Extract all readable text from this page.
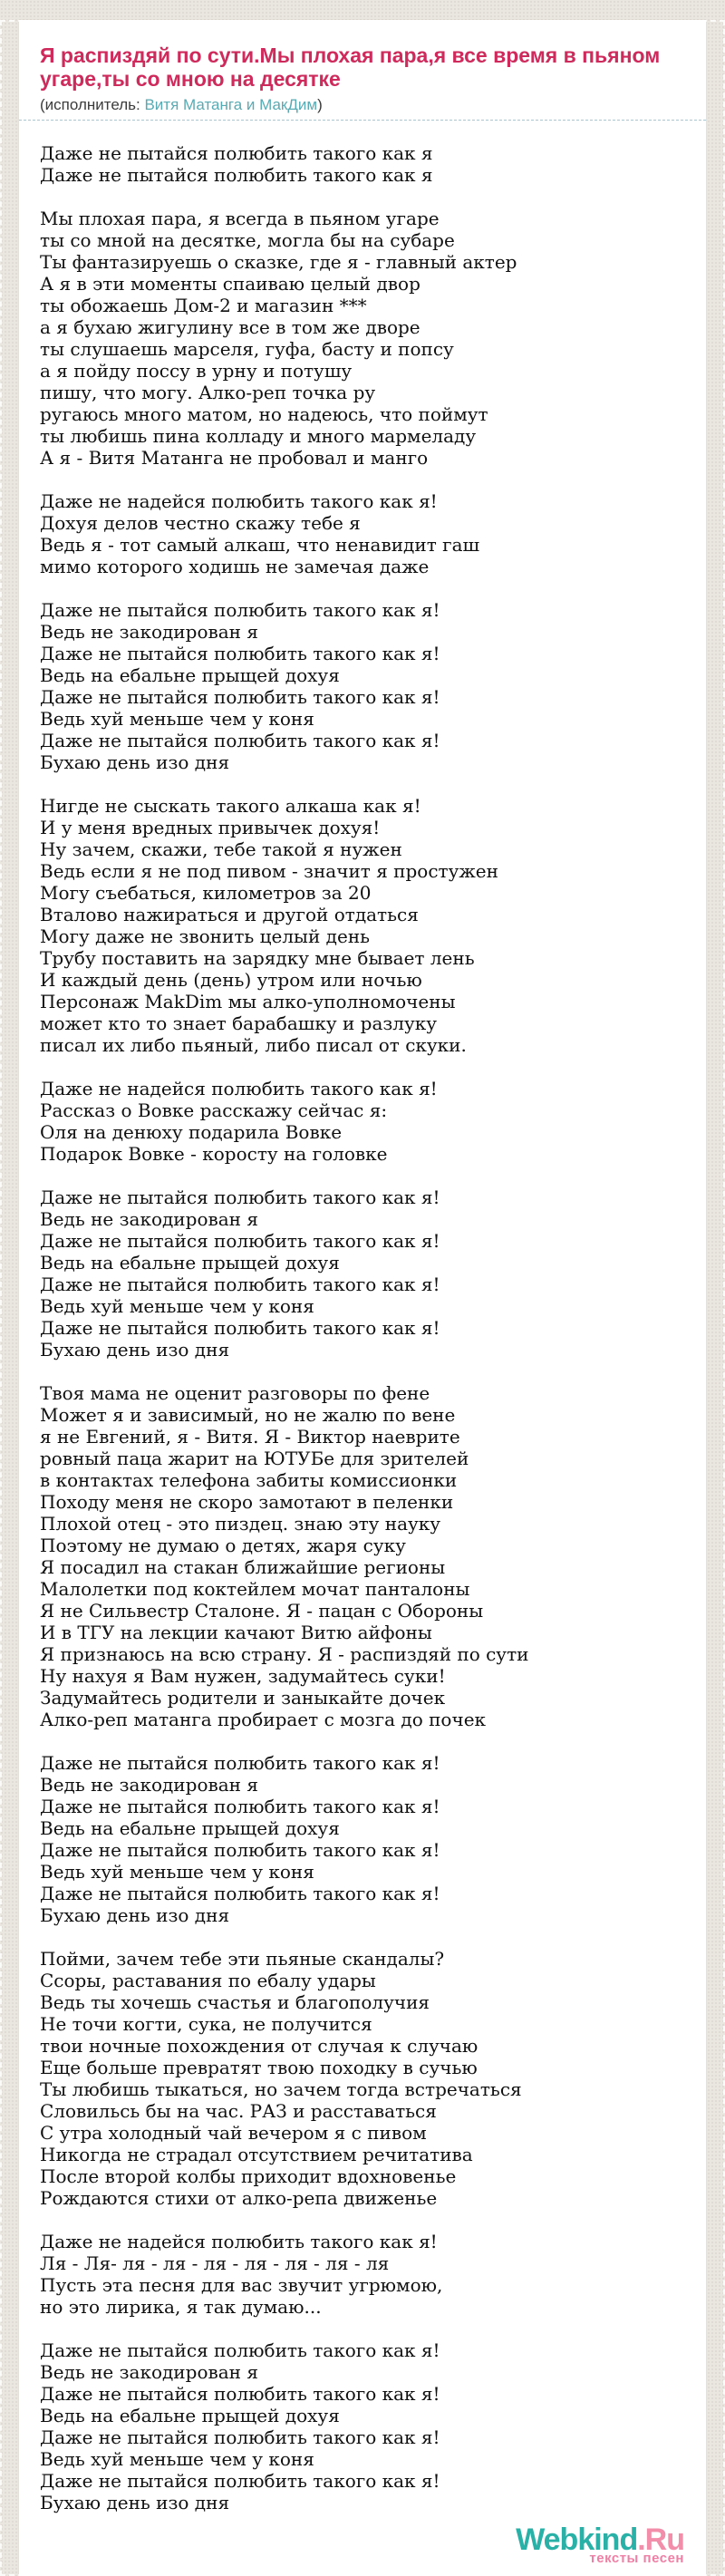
Я распиздяй по сути.Мы плохая пара,я все время в пьяном угаре,ты со мною на десятке

(исполнитель: Витя Матанга и МакДим)

Даже не пытайся полюбить такого как я
Даже не пытайся полюбить такого как я

Мы плохая пара, я всегда в пьяном угаре
ты со мной на десятке, могла бы на субаре
Ты фантазируешь о сказке, где я - главный актер
А я в эти моменты спаиваю целый двор
ты обожаешь Дом-2 и магазин ***
а я бухаю жигулину все в том же дворе
ты слушаешь марселя, гуфа, басту и попсу
а я пойду поссу в урну и потушу
пишу, что могу. Алко-реп точка ру
ругаюсь много матом, но надеюсь, что поймут
ты любишь пина колладу и много мармеладу
А я - Витя Матанга не пробовал и манго

Даже не надейся полюбить такого как я!
Дохуя делов честно скажу тебе я
Ведь я - тот самый алкаш, что ненавидит гаш
мимо которого ходишь не замечая даже

Даже не пытайся полюбить такого как я!
Ведь не закодирован я
Даже не пытайся полюбить такого как я!
Ведь на ебальне прыщей дохуя
Даже не пытайся полюбить такого как я!
Ведь хуй меньше чем у коня
Даже не пытайся полюбить такого как я!
Бухаю день изо дня

Нигде не сыскать такого алкаша как я!
И у меня вредных привычек дохуя!
Ну зачем, скажи, тебе такой я нужен
Ведь если я не под пивом - значит я простужен
Могу съебаться, километров за 20
Вталово нажираться и другой отдаться
Могу даже не звонить целый день
Трубу поставить на зарядку мне бывает лень
И каждый день (день) утром или ночью
Персонаж MakDim мы алко-уполномочены
может кто то знает барабашку и разлуку
писал их либо пьяный, либо писал от скуки.

Даже не надейся полюбить такого как я!
Рассказ о Вовке расскажу сейчас я:
Оля на денюху подарила Вовке
Подарок Вовке - коросту на головке

Даже не пытайся полюбить такого как я!
Ведь не закодирован я
Даже не пытайся полюбить такого как я!
Ведь на ебальне прыщей дохуя
Даже не пытайся полюбить такого как я!
Ведь хуй меньше чем у коня
Даже не пытайся полюбить такого как я!
Бухаю день изо дня

Твоя мама не оценит разговоры по фене
Может я и зависимый, но не жалю по вене
я не Евгений, я - Витя. Я - Виктор наеврите
ровный паца жарит на ЮТУБе для зрителей
в контактах телефона забиты комиссионки
Походу меня не скоро замотают в пеленки
Плохой отец - это пиздец. знаю эту науку
Поэтому не думаю о детях, жаря суку
Я посадил на стакан ближайшие регионы
Малолетки под коктейлем мочат панталоны
Я не Сильвестр Сталоне. Я - пацан с Обороны
И в ТГУ на лекции качают Витю айфоны
Я признаюсь на всю страну. Я - распиздяй по сути
Ну нахуя я Вам нужен, задумайтесь суки!
Задумайтесь родители и заныкайте дочек
Алко-реп матанга пробирает с мозга до почек

Даже не пытайся полюбить такого как я!
Ведь не закодирован я
Даже не пытайся полюбить такого как я!
Ведь на ебальне прыщей дохуя
Даже не пытайся полюбить такого как я!
Ведь хуй меньше чем у коня
Даже не пытайся полюбить такого как я!
Бухаю день изо дня

Пойми, зачем тебе эти пьяные скандалы?
Ссоры, раставания по ебалу удары
Ведь ты хочешь счастья и благополучия
Не точи когти, сука, не получится
твои ночные похождения от случая к случаю
Еще больше превратят твою походку в сучью
Ты любишь тыкаться, но зачем тогда встречаться
Словильсь бы на час. РАЗ и расставаться
С утра холодный чай вечером я с пивом
Никогда не страдал отсутствием речитатива
После второй колбы приходит вдохновенье
Рождаются стихи от алко-репа движенье

Даже не надейся полюбить такого как я!
Ля - Ля- ля - ля - ля - ля - ля - ля - ля
Пусть эта песня для вас звучит угрюмою,
но это лирика, я так думаю...

Даже не пытайся полюбить такого как я!
Ведь не закодирован я
Даже не пытайся полюбить такого как я!
Ведь на ебальне прыщей дохуя
Даже не пытайся полюбить такого как я!
Ведь хуй меньше чем у коня
Даже не пытайся полюбить такого как я!
Бухаю день изо дня

Webkind.Ru
тексты песен
